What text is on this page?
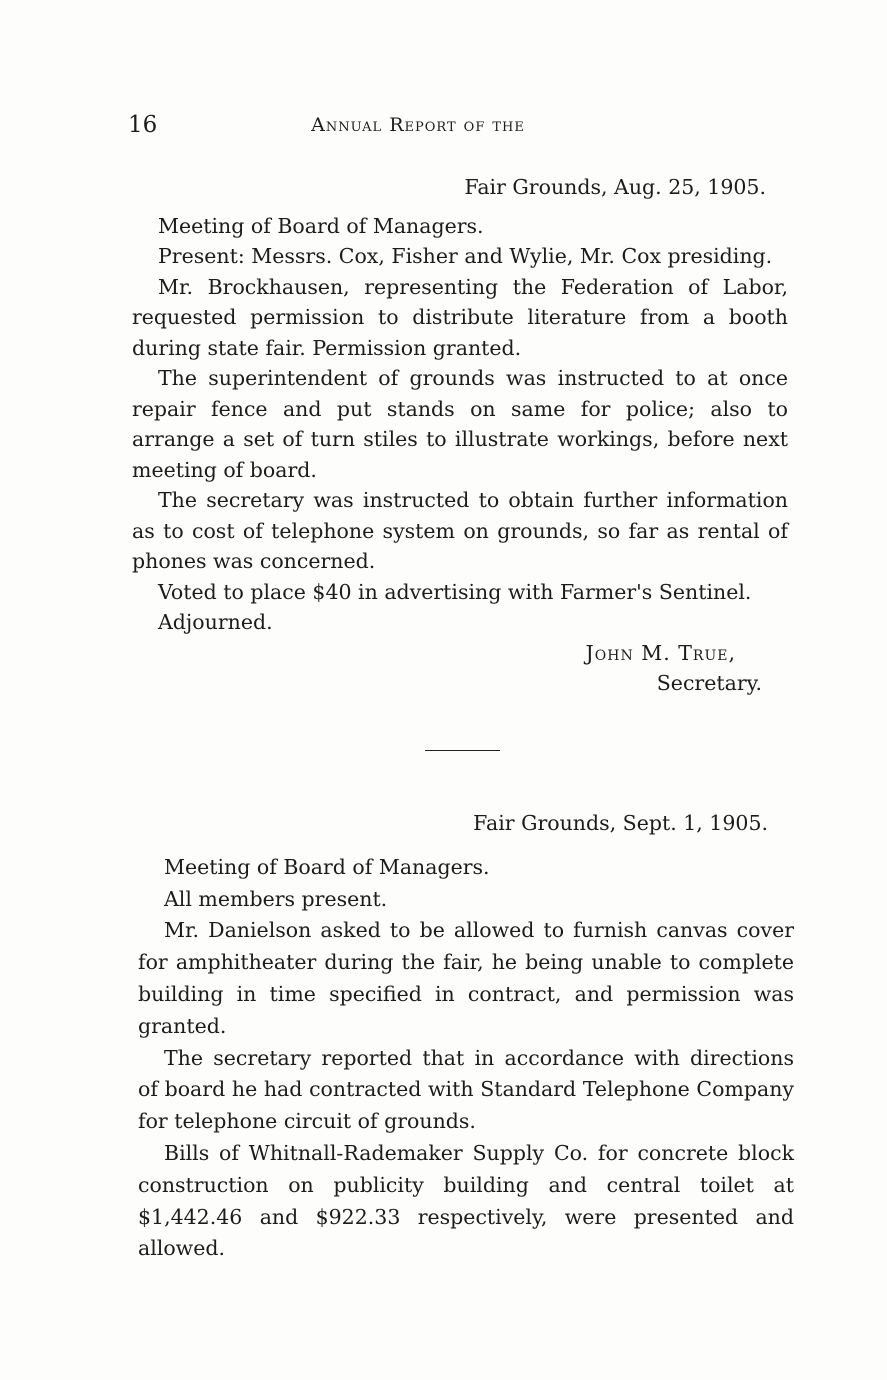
16	Annual Report of the
Fair Grounds, Aug. 25, 1905.

Meeting of Board of Managers.

Present: Messrs. Cox, Fisher and Wylie, Mr. Cox presiding.

Mr. Brockhausen, representing the Federation of Labor, requested permission to distribute literature from a booth during state fair. Permission granted.

The superintendent of grounds was instructed to at once repair fence and put stands on same for police; also to arrange a set of turn stiles to illustrate workings, before next meeting of board.

The secretary was instructed to obtain further information as to cost of telephone system on grounds, so far as rental of phones was concerned.

Voted to place $40 in advertising with Farmer's Sentinel.

Adjourned.

John M. True,
Secretary.
Fair Grounds, Sept. 1, 1905.

Meeting of Board of Managers.

All members present.

Mr. Danielson asked to be allowed to furnish canvas cover for amphitheater during the fair, he being unable to complete building in time specified in contract, and permission was granted.

The secretary reported that in accordance with directions of board he had contracted with Standard Telephone Company for telephone circuit of grounds.

Bills of Whitnall-Rademaker Supply Co. for concrete block construction on publicity building and central toilet at $1,442.46 and $922.33 respectively, were presented and allowed.
